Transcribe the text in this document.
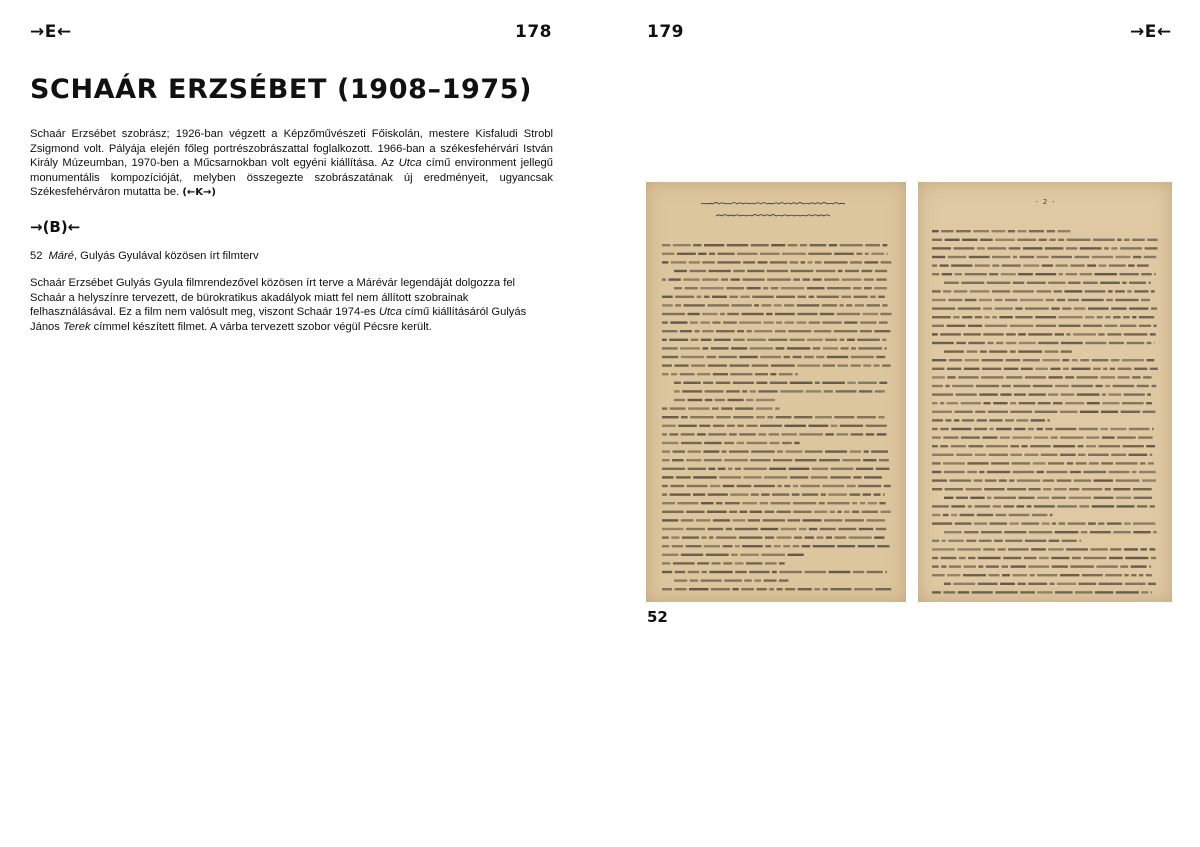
→E←	178	179	→E←
SCHAÁR ERZSÉBET (1908–1975)

Schaár Erzsébet szobrász; 1926-ban végzett a Képzőművészeti Főiskolán, mestere Kisfaludi Strobl Zsigmond volt. Pályája elején főleg portrészobrászattal foglalkozott. 1966-ban a székesfehérvári István Király Múzeumban, 1970-ben a Műcsarnokban volt egyéni kiállítása. Az Utca című environment jellegű monumentális kompozícióját, melyben összegezte szobrászatának új eredményeit, ugyancsak Székesfehérváron mutatta be. (←K→)

→(B)←

52 Máré, Gulyás Gyulával közösen írt filmterv

Schaár Erzsébet Gulyás Gyula filmrendezővel közösen írt terve a Márévár legendáját dolgozza fel Schaár a helyszínre tervezett, de bürokratikus akadályok miatt fel nem állított szobrainak felhasználásával. Ez a film nem valósult meg, viszont Schaár 1974-es Utca című kiállításáról Gulyás János Terek címmel készített filmet. A várba tervezett szobor végül Pécsre került.

- 2 -
52
